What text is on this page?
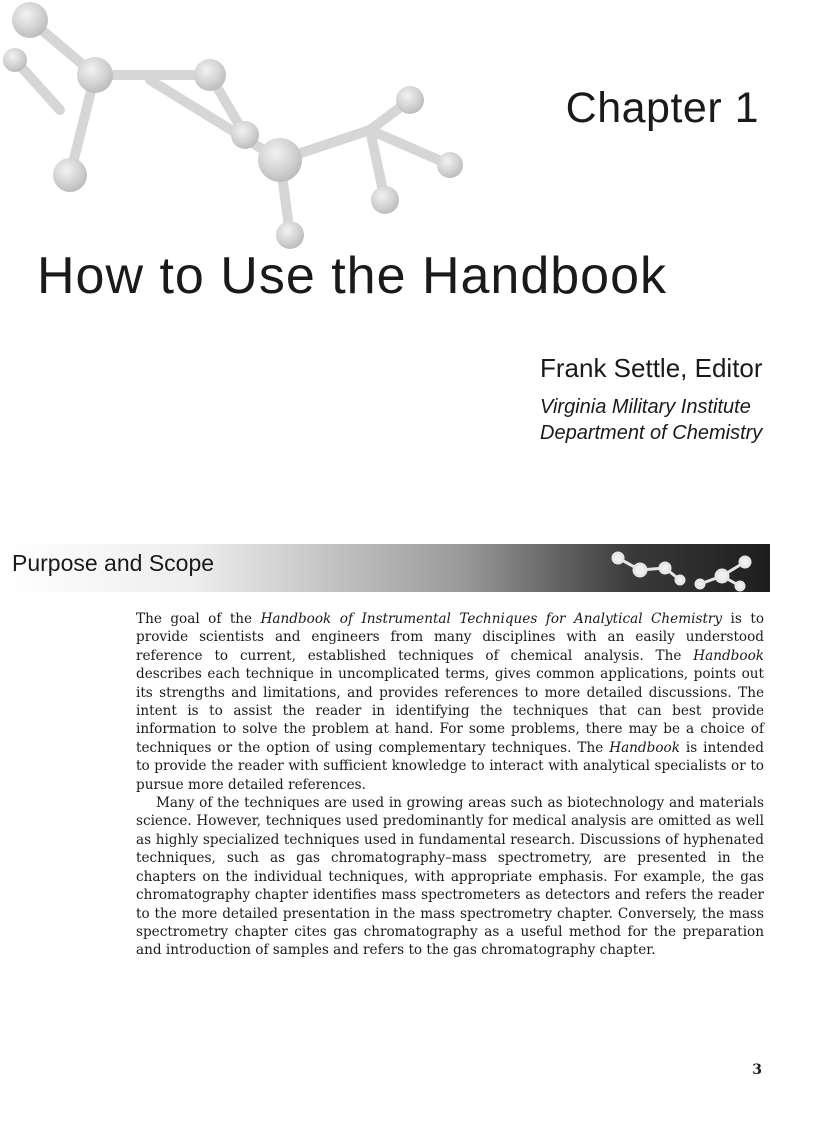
Chapter 1
How to Use the Handbook

Frank Settle, Editor

Virginia Military Institute

Department of Chemistry

Purpose and Scope

The goal of the Handbook of Instrumental Techniques for Analytical Chemistry is to provide scientists and engineers from many disciplines with an easily understood reference to current, established techniques of chemical analysis. The Handbook describes each technique in uncomplicated terms, gives common applications, points out its strengths and limitations, and provides references to more detailed discussions. The intent is to assist the reader in identifying the techniques that can best provide information to solve the problem at hand. For some problems, there may be a choice of techniques or the option of using complementary techniques. The Handbook is intended to provide the reader with sufficient knowledge to interact with analytical specialists or to pursue more detailed references.

Many of the techniques are used in growing areas such as biotechnology and materials science. However, techniques used predominantly for medical analysis are omitted as well as highly specialized techniques used in fundamental research. Discussions of hyphenated techniques, such as gas chromatography–mass spectrometry, are presented in the chapters on the individual techniques, with appropriate emphasis. For example, the gas chromatography chapter identifies mass spectrometers as detectors and refers the reader to the more detailed presentation in the mass spectrometry chapter. Conversely, the mass spectrometry chapter cites gas chromatography as a useful method for the preparation and introduction of samples and refers to the gas chromatography chapter.

3
